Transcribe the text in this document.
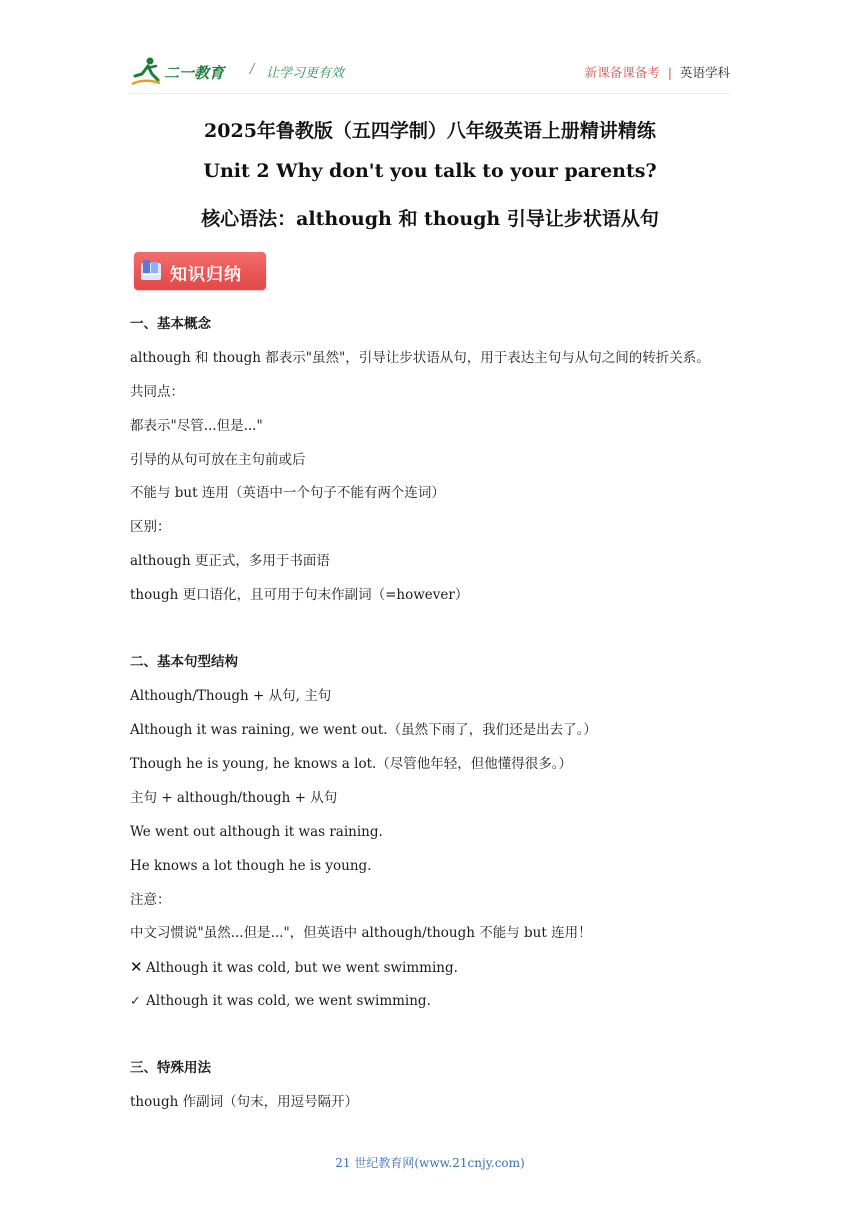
二一教育 / 让学习更有效	新课备课备考 | 英语学科
2025年鲁教版（五四学制）八年级英语上册精讲精练
Unit 2 Why don't you talk to your parents?
核心语法：although 和 though 引导让步状语从句
知识归纳
一、基本概念
although 和 though 都表示"虽然"，引导让步状语从句，用于表达主句与从句之间的转折关系。
共同点：
都表示"尽管...但是..."
引导的从句可放在主句前或后
不能与 but 连用（英语中一个句子不能有两个连词）
区别：
although 更正式，多用于书面语
though 更口语化，且可用于句末作副词（=however）
二、基本句型结构
Although/Though + 从句, 主句
Although it was raining, we went out.（虽然下雨了，我们还是出去了。）
Though he is young, he knows a lot.（尽管他年轻，但他懂得很多。）
主句 + although/though + 从句
We went out although it was raining.
He knows a lot though he is young.
注意：
中文习惯说"虽然...但是..."，但英语中 although/though 不能与 but 连用！
✕ Although it was cold, but we went swimming.
✓ Although it was cold, we went swimming.
三、特殊用法
though 作副词（句末，用逗号隔开）
21 世纪教育网(www.21cnjy.com)
